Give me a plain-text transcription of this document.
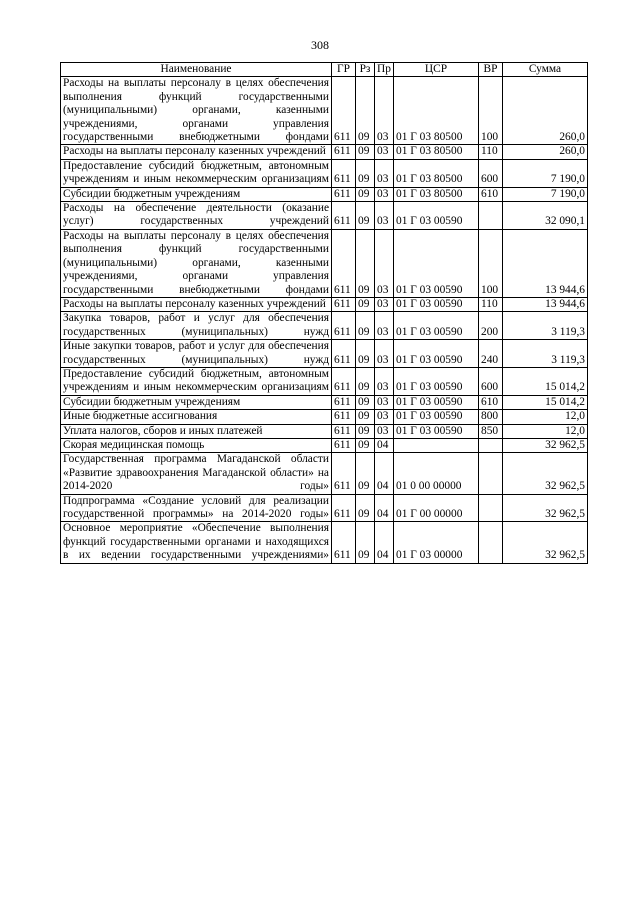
308
Наименование	ГР	Рз	Пр	ЦСР	ВР	Сумма
Расходы на выплаты персоналу в целях обеспечения выполнения функций государственными (муниципальными) органами, казенными учреждениями, органами управления государственными внебюджетными фондами	611	09	03	01 Г 03 80500	100	260,0
Расходы на выплаты персоналу казенных учреждений	611	09	03	01 Г 03 80500	110	260,0
Предоставление субсидий бюджетным, автономным учреждениям и иным некоммерческим организациям	611	09	03	01 Г 03 80500	600	7 190,0
Субсидии бюджетным учреждениям	611	09	03	01 Г 03 80500	610	7 190,0
Расходы на обеспечение деятельности (оказание услуг) государственных учреждений	611	09	03	01 Г 03 00590		32 090,1
Расходы на выплаты персоналу в целях обеспечения выполнения функций государственными (муниципальными) органами, казенными учреждениями, органами управления государственными внебюджетными фондами	611	09	03	01 Г 03 00590	100	13 944,6
Расходы на выплаты персоналу казенных учреждений	611	09	03	01 Г 03 00590	110	13 944,6
Закупка товаров, работ и услуг для обеспечения государственных (муниципальных) нужд	611	09	03	01 Г 03 00590	200	3 119,3
Иные закупки товаров, работ и услуг для обеспечения государственных (муниципальных) нужд	611	09	03	01 Г 03 00590	240	3 119,3
Предоставление субсидий бюджетным, автономным учреждениям и иным некоммерческим организациям	611	09	03	01 Г 03 00590	600	15 014,2
Субсидии бюджетным учреждениям	611	09	03	01 Г 03 00590	610	15 014,2
Иные бюджетные ассигнования	611	09	03	01 Г 03 00590	800	12,0
Уплата налогов, сборов и иных платежей	611	09	03	01 Г 03 00590	850	12,0
Скорая медицинская помощь	611	09	04			32 962,5
Государственная программа Магаданской области «Развитие здравоохранения Магаданской области» на 2014-2020 годы»	611	09	04	01 0 00 00000		32 962,5
Подпрограмма «Создание условий для реализации государственной программы» на 2014-2020 годы»	611	09	04	01 Г 00 00000		32 962,5
Основное мероприятие «Обеспечение выполнения функций государственными органами и находящихся в их ведении государственными учреждениями»	611	09	04	01 Г 03 00000		32 962,5
